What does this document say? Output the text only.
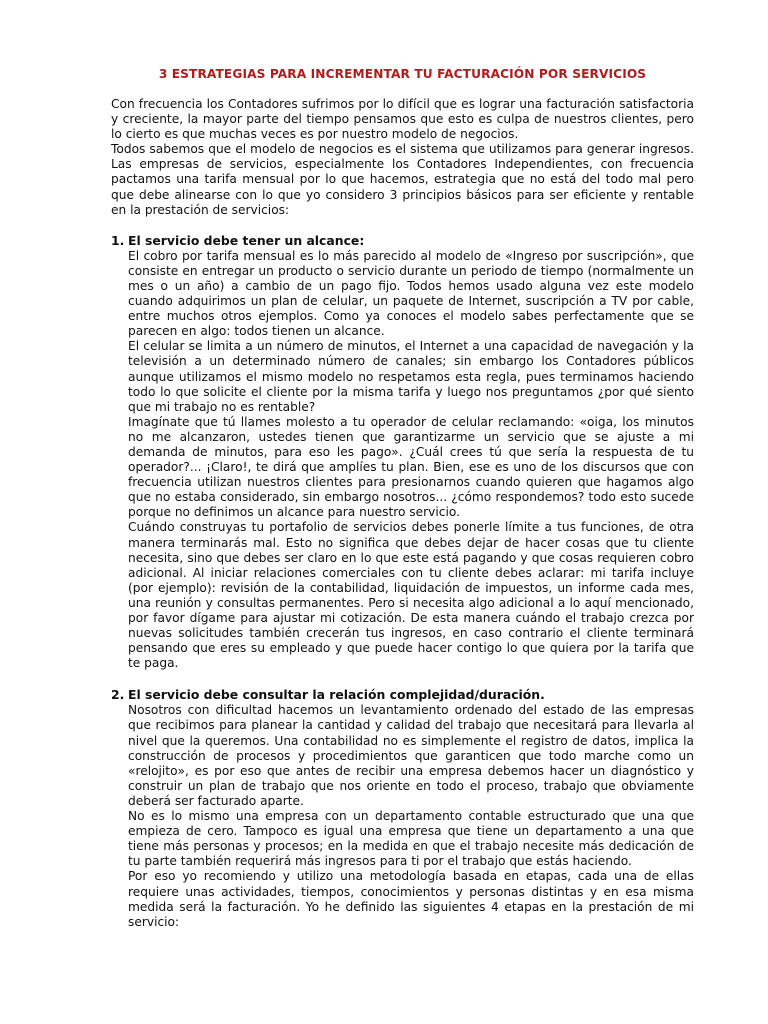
3 ESTRATEGIAS PARA INCREMENTAR TU FACTURACIÓN POR SERVICIOS

Con frecuencia los Contadores sufrimos por lo difícil que es lograr una facturación satisfactoria y creciente, la mayor parte del tiempo pensamos que esto es culpa de nuestros clientes, pero lo cierto es que muchas veces es por nuestro modelo de negocios.

Todos sabemos que el modelo de negocios es el sistema que utilizamos para generar ingresos. Las empresas de servicios, especialmente los Contadores Independientes, con frecuencia pactamos una tarifa mensual por lo que hacemos, estrategia que no está del todo mal pero que debe alinearse con lo que yo considero 3 principios básicos para ser eficiente y rentable en la prestación de servicios:

1. El servicio debe tener un alcance:

El cobro por tarifa mensual es lo más parecido al modelo de «Ingreso por suscripción», que consiste en entregar un producto o servicio durante un periodo de tiempo (normalmente un mes o un año) a cambio de un pago fijo. Todos hemos usado alguna vez este modelo cuando adquirimos un plan de celular, un paquete de Internet, suscripción a TV por cable, entre muchos otros ejemplos. Como ya conoces el modelo sabes perfectamente que se parecen en algo: todos tienen un alcance.

El celular se limita a un número de minutos, el Internet a una capacidad de navegación y la televisión a un determinado número de canales; sin embargo los Contadores públicos aunque utilizamos el mismo modelo no respetamos esta regla, pues terminamos haciendo todo lo que solicite el cliente por la misma tarifa y luego nos preguntamos ¿por qué siento que mi trabajo no es rentable?

Imagínate que tú llames molesto a tu operador de celular reclamando: «oiga, los minutos no me alcanzaron, ustedes tienen que garantizarme un servicio que se ajuste a mi demanda de minutos, para eso les pago». ¿Cuál crees tú que sería la respuesta de tu operador?... ¡Claro!, te dirá que amplíes tu plan. Bien, ese es uno de los discursos que con frecuencia utilizan nuestros clientes para presionarnos cuando quieren que hagamos algo que no estaba considerado, sin embargo nosotros... ¿cómo respondemos? todo esto sucede porque no definimos un alcance para nuestro servicio.

Cuándo construyas tu portafolio de servicios debes ponerle límite a tus funciones, de otra manera terminarás mal. Esto no significa que debes dejar de hacer cosas que tu cliente necesita, sino que debes ser claro en lo que este está pagando y que cosas requieren cobro adicional. Al iniciar relaciones comerciales con tu cliente debes aclarar: mi tarifa incluye (por ejemplo): revisión de la contabilidad, liquidación de impuestos, un informe cada mes, una reunión y consultas permanentes. Pero si necesita algo adicional a lo aquí mencionado, por favor dígame para ajustar mi cotización. De esta manera cuándo el trabajo crezca por nuevas solicitudes también crecerán tus ingresos, en caso contrario el cliente terminará pensando que eres su empleado y que puede hacer contigo lo que quiera por la tarifa que te paga.

2. El servicio debe consultar la relación complejidad/duración.

Nosotros con dificultad hacemos un levantamiento ordenado del estado de las empresas que recibimos para planear la cantidad y calidad del trabajo que necesitará para llevarla al nivel que la queremos. Una contabilidad no es simplemente el registro de datos, implica la construcción de procesos y procedimientos que garanticen que todo marche como un «relojito», es por eso que antes de recibir una empresa debemos hacer un diagnóstico y construir un plan de trabajo que nos oriente en todo el proceso, trabajo que obviamente deberá ser facturado aparte.

No es lo mismo una empresa con un departamento contable estructurado que una que empieza de cero. Tampoco es igual una empresa que tiene un departamento a una que tiene más personas y procesos; en la medida en que el trabajo necesite más dedicación de tu parte también requerirá más ingresos para ti por el trabajo que estás haciendo.

Por eso yo recomiendo y utilizo una metodología basada en etapas, cada una de ellas requiere unas actividades, tiempos, conocimientos y personas distintas y en esa misma medida será la facturación. Yo he definido las siguientes 4 etapas en la prestación de mi servicio:
